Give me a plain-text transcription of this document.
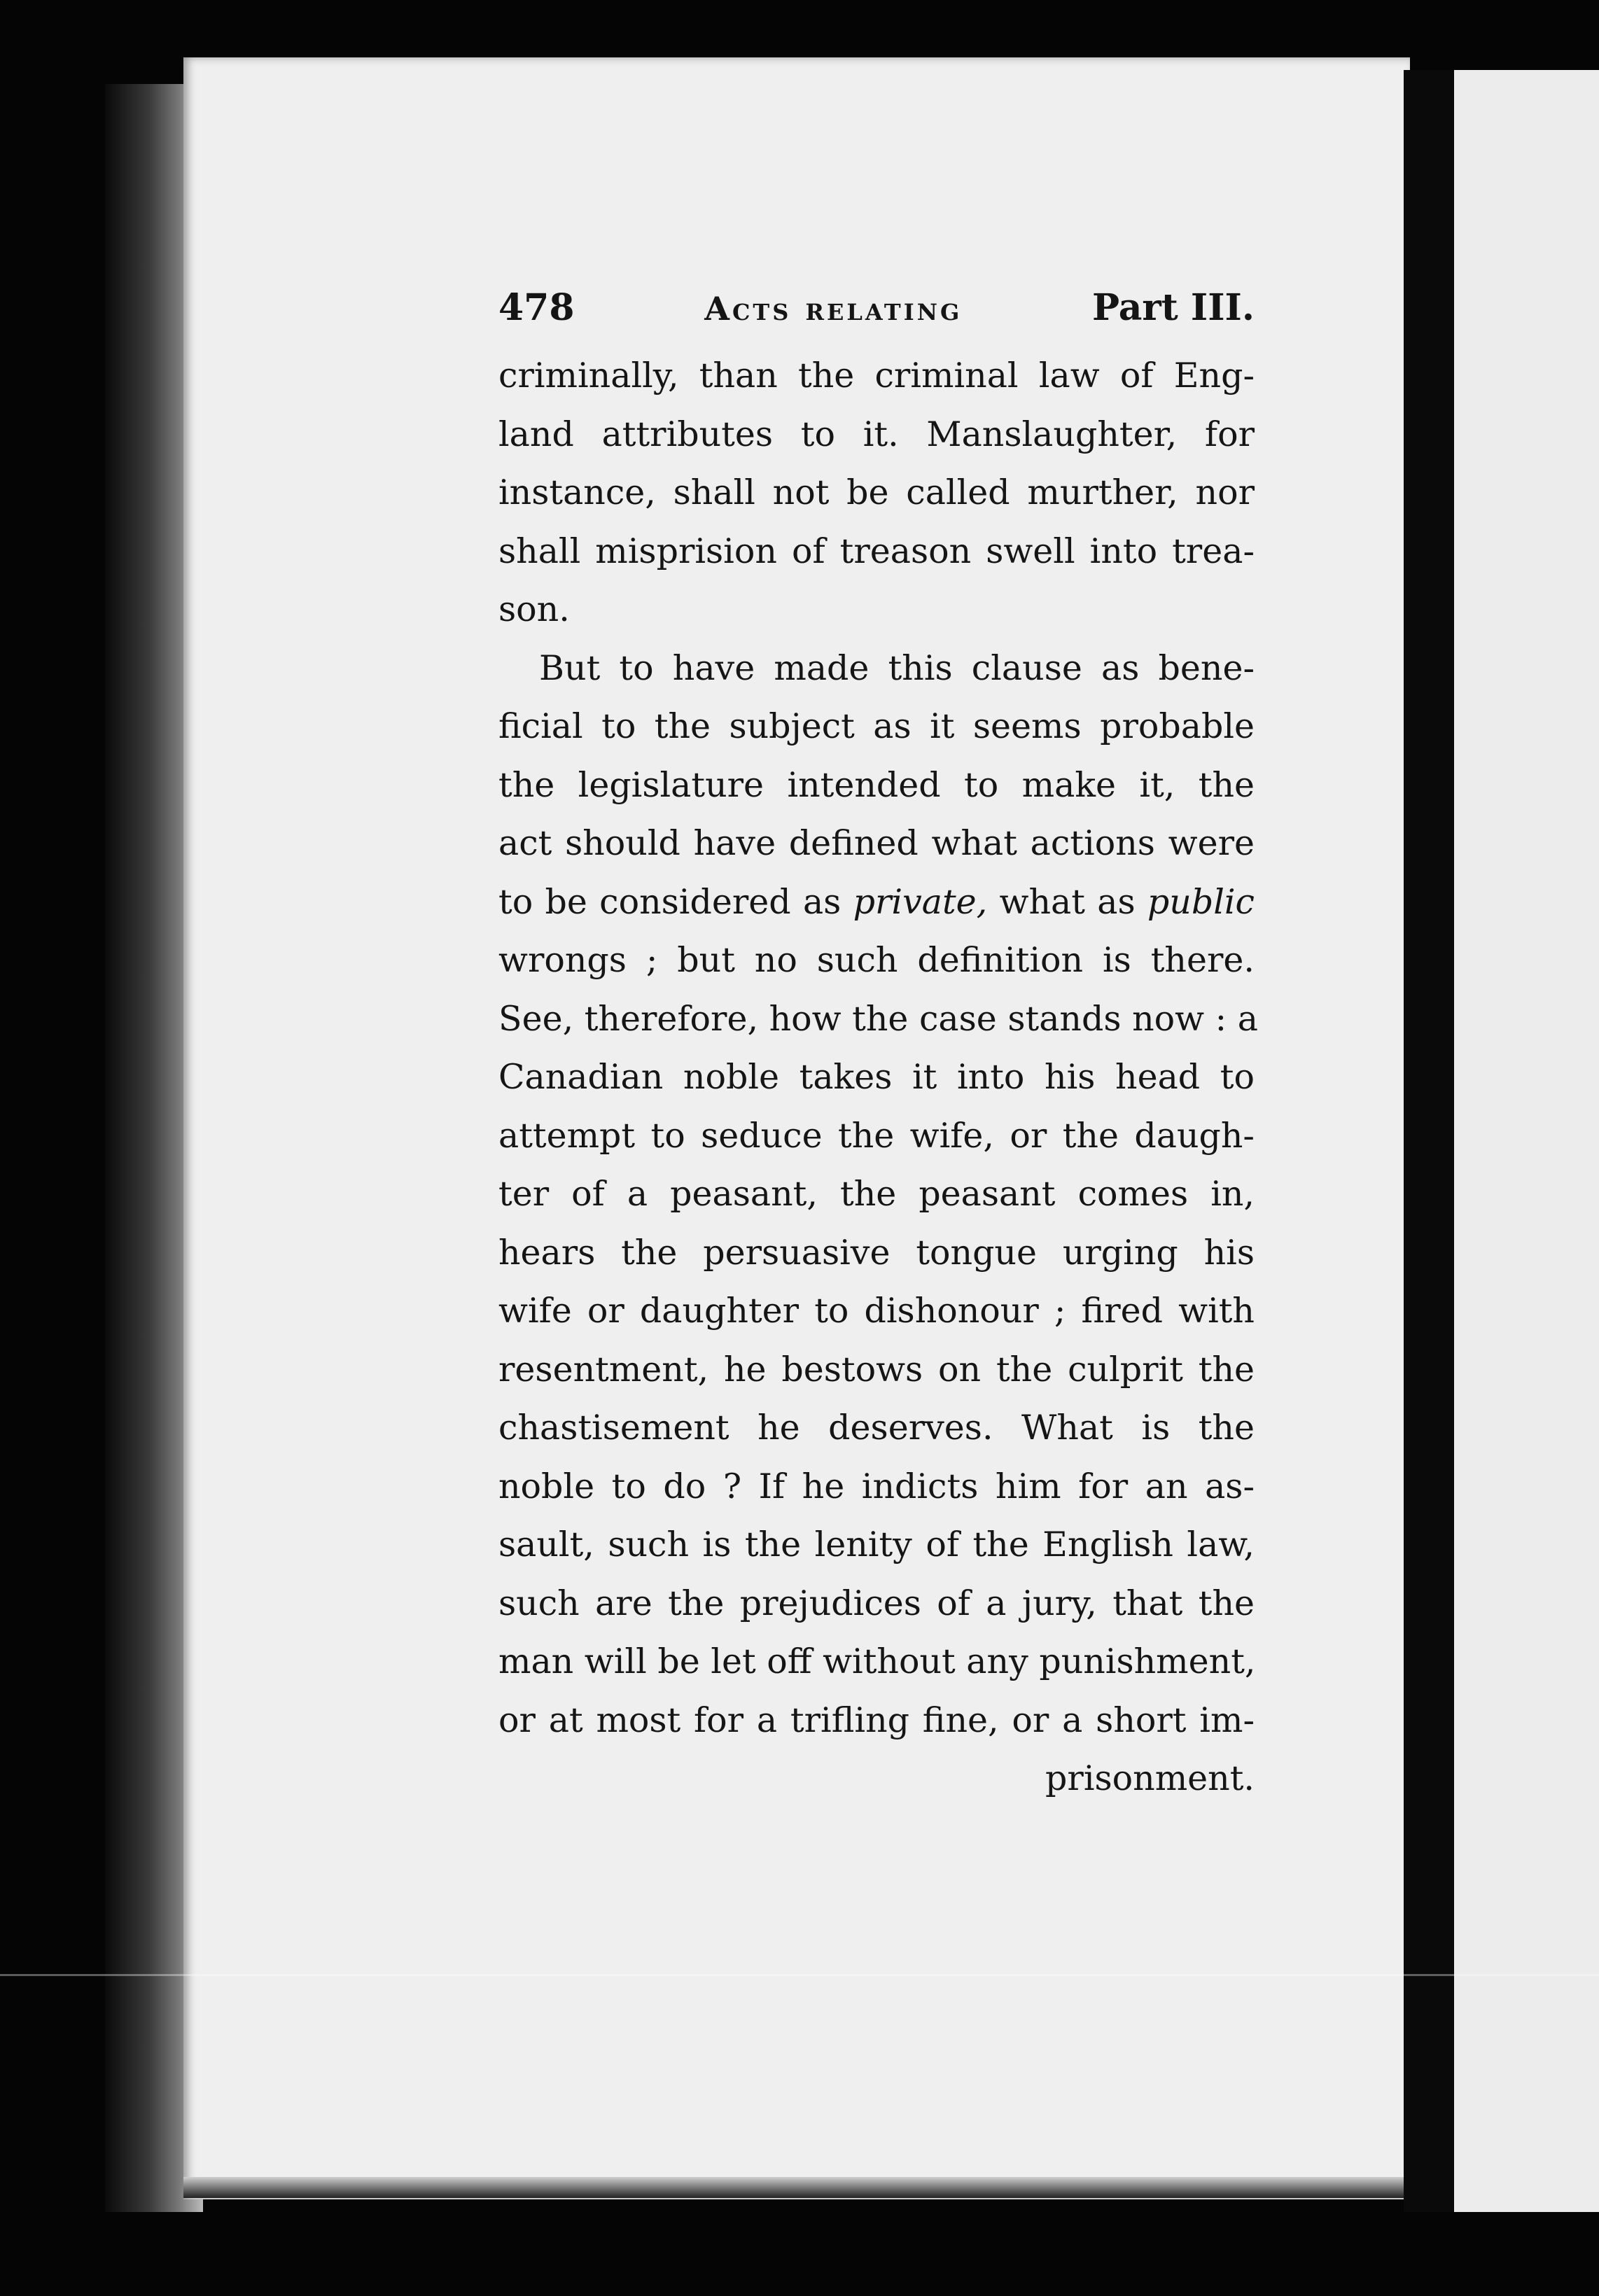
478	Acts relating	Part III.
criminally, than the criminal law of Eng-
land attributes to it. Manslaughter, for
instance, shall not be called murther, nor
shall misprision of treason swell into trea-
son.
But to have made this clause as bene-
ficial to the subject as it seems probable
the legislature intended to make it, the
act should have defined what actions were
to be considered as private, what as public
wrongs ; but no such definition is there.
See, therefore, how the case stands now : a
Canadian noble takes it into his head to
attempt to seduce the wife, or the daugh-
ter of a peasant, the peasant comes in,
hears the persuasive tongue urging his
wife or daughter to dishonour ; fired with
resentment, he bestows on the culprit the
chastisement he deserves. What is the
noble to do ? If he indicts him for an as-
sault, such is the lenity of the English law,
such are the prejudices of a jury, that the
man will be let off without any punishment,
or at most for a trifling fine, or a short im-
prisonment.
